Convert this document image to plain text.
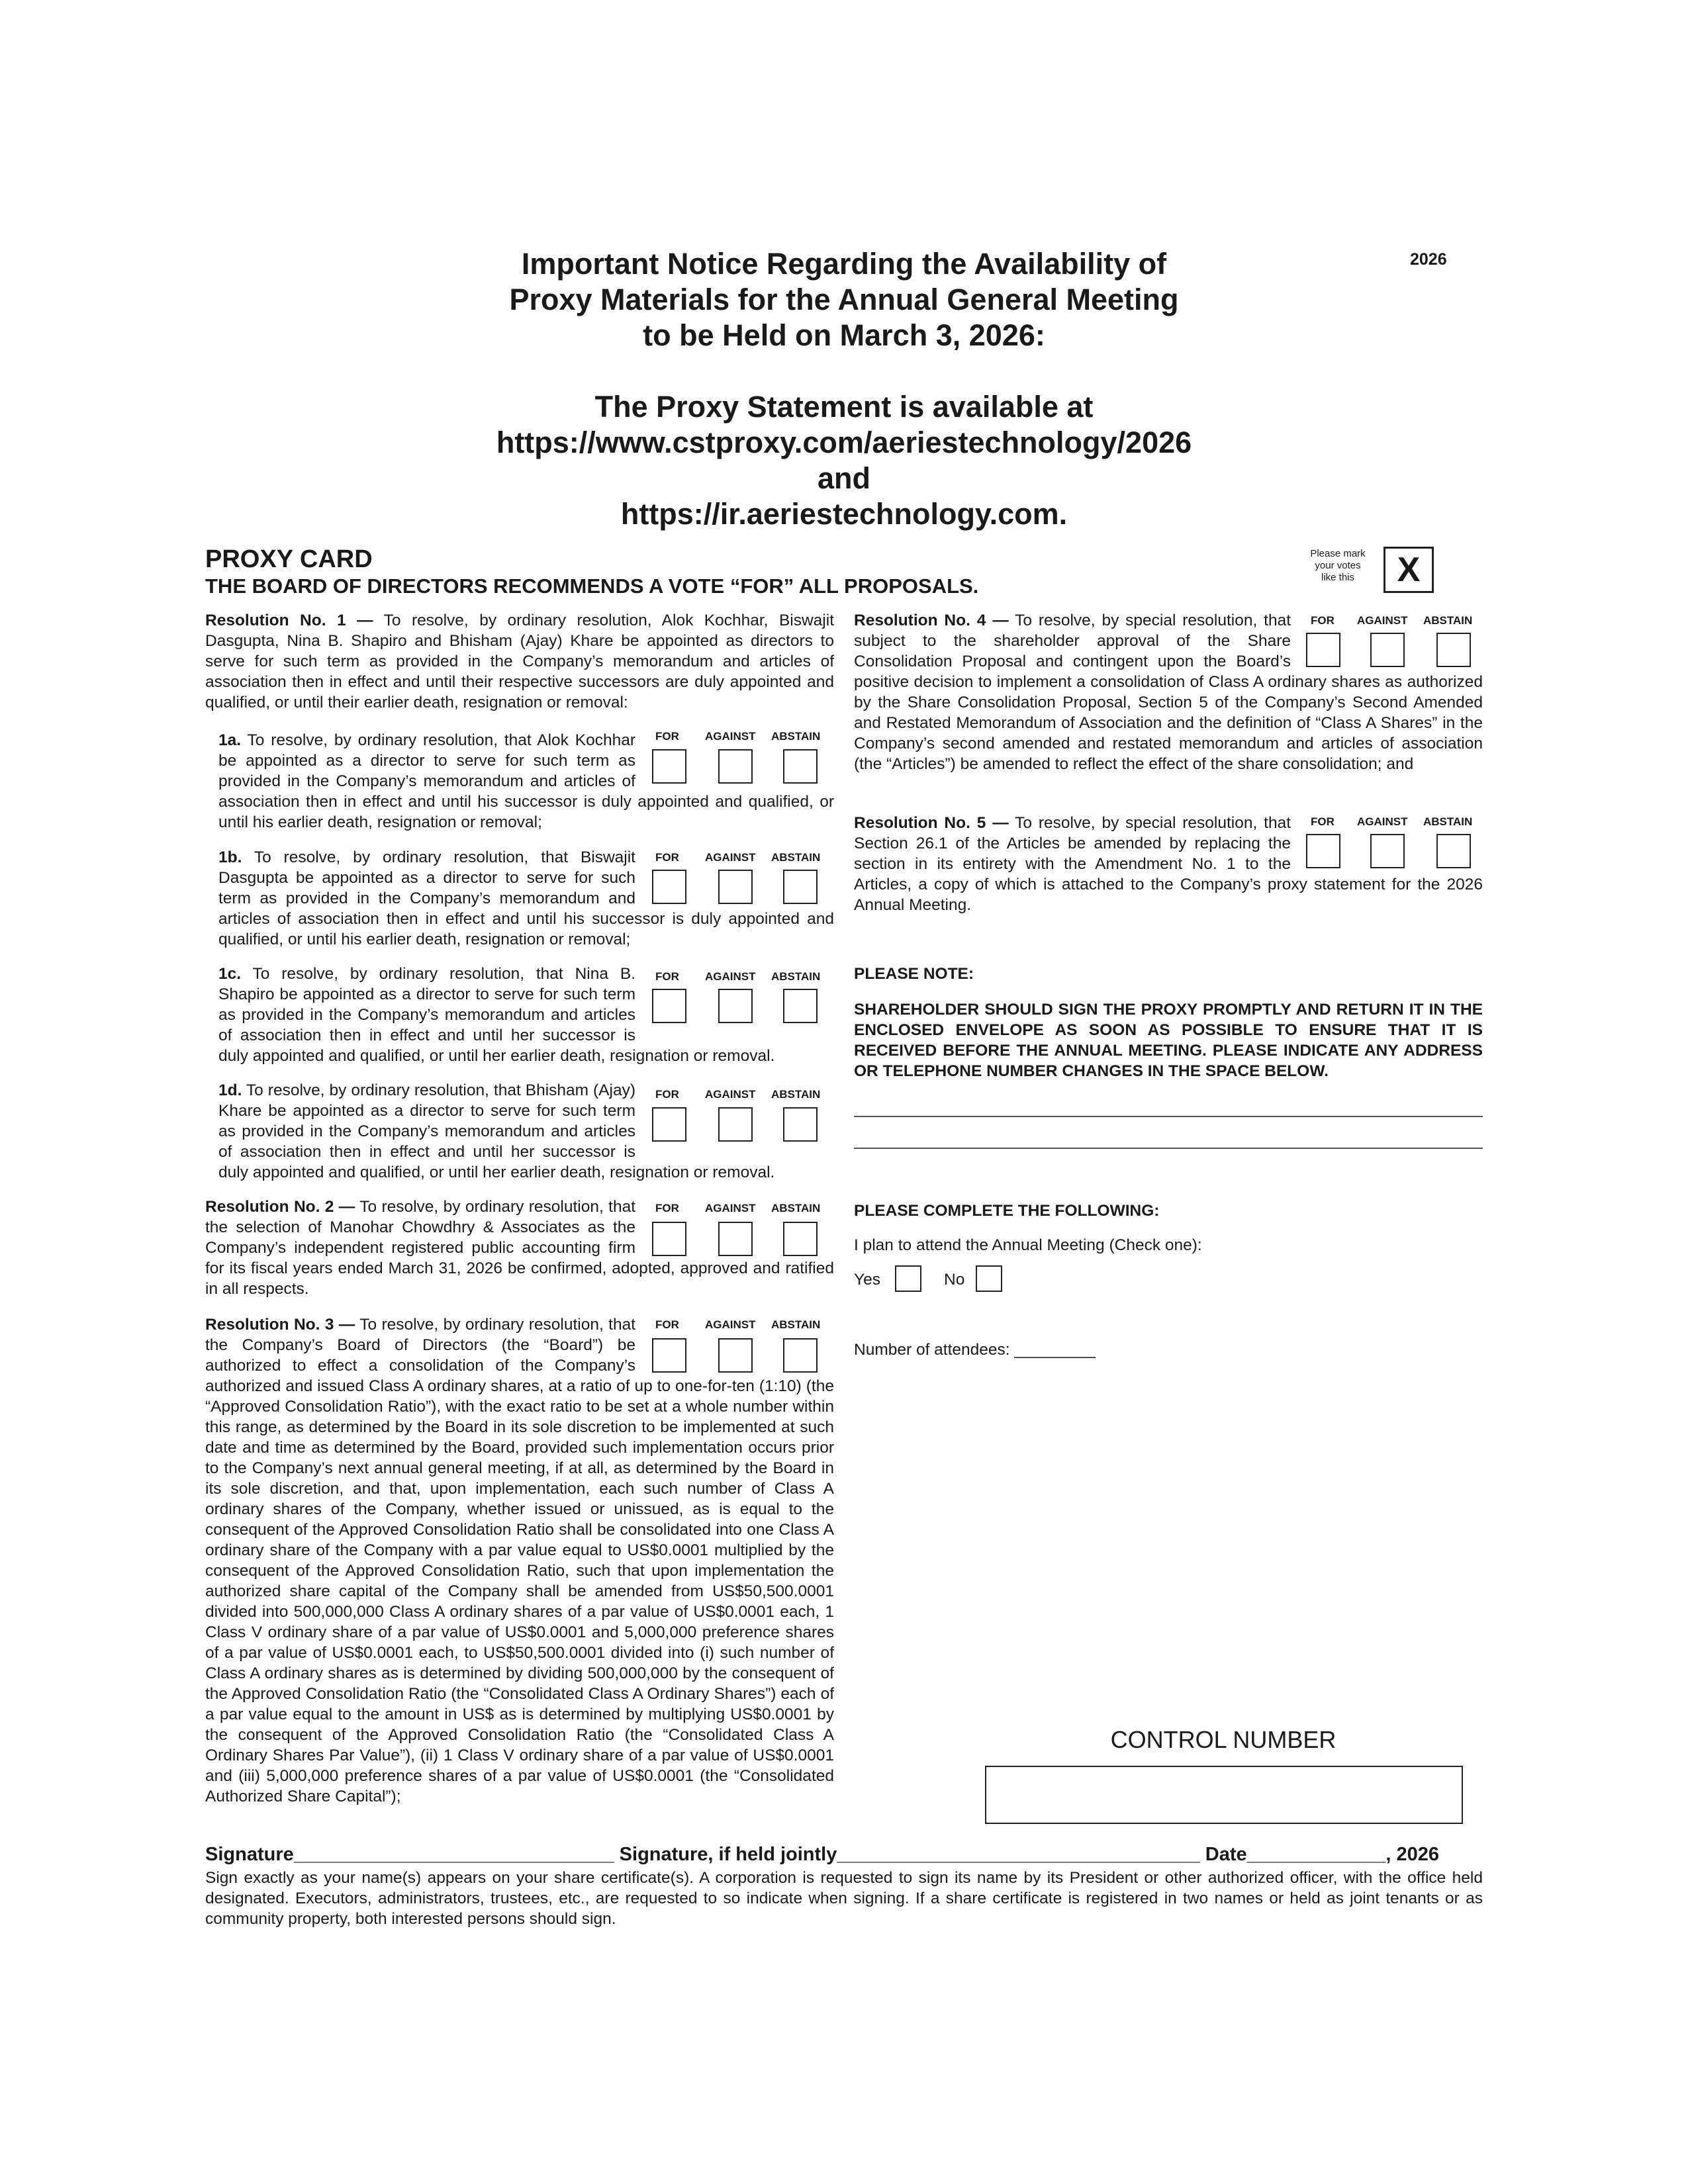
Important Notice Regarding the Availability of
Proxy Materials for the Annual General Meeting
to be Held on March 3, 2026:
The Proxy Statement is available at
https://www.cstproxy.com/aeriestechnology/2026
and
https://ir.aeriestechnology.com.
2026
PROXY CARD
THE BOARD OF DIRECTORS RECOMMENDS A VOTE “FOR” ALL PROPOSALS.
Please mark
your votes
like this	X
Resolution No. 1 — To resolve, by ordinary resolution, Alok Kochhar, Biswajit Dasgupta, Nina B. Shapiro and Bhisham (Ajay) Khare be appointed as directors to serve for such term as provided in the Company’s memorandum and articles of association then in effect and until their respective successors are duly appointed and qualified, or until their earlier death, resignation or removal:
1a. To resolve, by ordinary resolution, that Alok Kochhar be appointed as a director to serve for such term as provided in the Company’s memorandum and articles of association then in effect and until his successor is duly appointed and qualified, or until his earlier death, resignation or removal;
FOR AGAINST ABSTAIN
1b. To resolve, by ordinary resolution, that Biswajit Dasgupta be appointed as a director to serve for such term as provided in the Company’s memorandum and articles of association then in effect and until his successor is duly appointed and qualified, or until his earlier death, resignation or removal;
FOR AGAINST ABSTAIN
1c. To resolve, by ordinary resolution, that Nina B. Shapiro be appointed as a director to serve for such term as provided in the Company’s memorandum and articles of association then in effect and until her successor is duly appointed and qualified, or until her earlier death, resignation or removal.
FOR AGAINST ABSTAIN
1d. To resolve, by ordinary resolution, that Bhisham (Ajay) Khare be appointed as a director to serve for such term as provided in the Company’s memorandum and articles of association then in effect and until her successor is duly appointed and qualified, or until her earlier death, resignation or removal.
FOR AGAINST ABSTAIN
Resolution No. 2 — To resolve, by ordinary resolution, that the selection of Manohar Chowdhry & Associates as the Company’s independent registered public accounting firm for its fiscal years ended March 31, 2026 be confirmed, adopted, approved and ratified in all respects.
FOR AGAINST ABSTAIN
Resolution No. 3 — To resolve, by ordinary resolution, that the Company’s Board of Directors (the “Board”) be authorized to effect a consolidation of the Company’s authorized and issued Class A ordinary shares, at a ratio of up to one-for-ten (1:10) (the “Approved Consolidation Ratio”), with the exact ratio to be set at a whole number within this range, as determined by the Board in its sole discretion to be implemented at such date and time as determined by the Board, provided such implementation occurs prior to the Company’s next annual general meeting, if at all, as determined by the Board in its sole discretion, and that, upon implementation, each such number of Class A ordinary shares of the Company, whether issued or unissued, as is equal to the consequent of the Approved Consolidation Ratio shall be consolidated into one Class A ordinary share of the Company with a par value equal to US$0.0001 multiplied by the consequent of the Approved Consolidation Ratio, such that upon implementation the authorized share capital of the Company shall be amended from US$50,500.0001 divided into 500,000,000 Class A ordinary shares of a par value of US$0.0001 each, 1 Class V ordinary share of a par value of US$0.0001 and 5,000,000 preference shares of a par value of US$0.0001 each, to US$50,500.0001 divided into (i) such number of Class A ordinary shares as is determined by dividing 500,000,000 by the consequent of the Approved Consolidation Ratio (the “Consolidated Class A Ordinary Shares”) each of a par value equal to the amount in US$ as is determined by multiplying US$0.0001 by the consequent of the Approved Consolidation Ratio (the “Consolidated Class A Ordinary Shares Par Value”), (ii) 1 Class V ordinary share of a par value of US$0.0001 and (iii) 5,000,000 preference shares of a par value of US$0.0001 (the “Consolidated Authorized Share Capital”);
FOR AGAINST ABSTAIN
Resolution No. 4 — To resolve, by special resolution, that subject to the shareholder approval of the Share Consolidation Proposal and contingent upon the Board’s positive decision to implement a consolidation of Class A ordinary shares as authorized by the Share Consolidation Proposal, Section 5 of the Company’s Second Amended and Restated Memorandum of Association and the definition of “Class A Shares” in the Company’s second amended and restated memorandum and articles of association (the “Articles”) be amended to reflect the effect of the share consolidation; and
FOR AGAINST ABSTAIN
Resolution No. 5 — To resolve, by special resolution, that Section 26.1 of the Articles be amended by replacing the section in its entirety with the Amendment No. 1 to the Articles, a copy of which is attached to the Company’s proxy statement for the 2026 Annual Meeting.
FOR AGAINST ABSTAIN
PLEASE NOTE:
SHAREHOLDER SHOULD SIGN THE PROXY PROMPTLY AND RETURN IT IN THE ENCLOSED ENVELOPE AS SOON AS POSSIBLE TO ENSURE THAT IT IS RECEIVED BEFORE THE ANNUAL MEETING. PLEASE INDICATE ANY ADDRESS OR TELEPHONE NUMBER CHANGES IN THE SPACE BELOW.
PLEASE COMPLETE THE FOLLOWING:
I plan to attend the Annual Meeting (Check one):
Yes	No
Number of attendees: _________
CONTROL NUMBER
Signature______________________________ Signature, if held jointly__________________________________ Date_____________, 2026
Sign exactly as your name(s) appears on your share certificate(s). A corporation is requested to sign its name by its President or other authorized officer, with the office held designated. Executors, administrators, trustees, etc., are requested to so indicate when signing. If a share certificate is registered in two names or held as joint tenants or as community property, both interested persons should sign.
